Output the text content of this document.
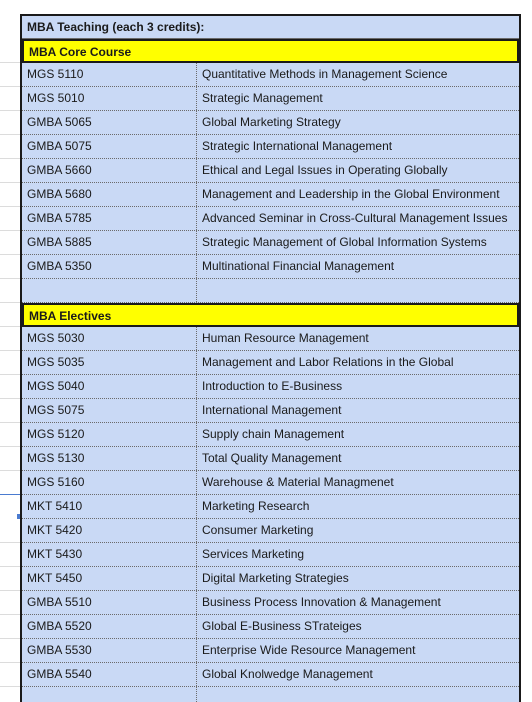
MBA Teaching (each 3 credits):
MBA Core Course
MGS 5110	Quantitative Methods in Management Science
MGS 5010	Strategic Management
GMBA 5065	Global Marketing Strategy
GMBA 5075	Strategic International Management
GMBA 5660	Ethical and Legal Issues in Operating Globally
GMBA 5680	Management and Leadership in the Global Environment
GMBA 5785	Advanced Seminar in Cross-Cultural Management Issues
GMBA 5885	Strategic Management of Global Information Systems
GMBA 5350	Multinational Financial Management
MBA Electives
MGS 5030	Human Resource Management
MGS 5035	Management and Labor Relations in the Global
MGS 5040	Introduction to E-Business
MGS 5075	International Management
MGS 5120	Supply chain Management
MGS 5130	Total Quality Management
MGS 5160	Warehouse & Material Managmenet
MKT 5410	Marketing Research
MKT 5420	Consumer Marketing
MKT 5430	Services Marketing
MKT 5450	Digital Marketing Strategies
GMBA 5510	Business Process Innovation & Management
GMBA 5520	Global E-Business STrateiges
GMBA 5530	Enterprise Wide Resource Management
GMBA 5540	Global Knolwedge Management
